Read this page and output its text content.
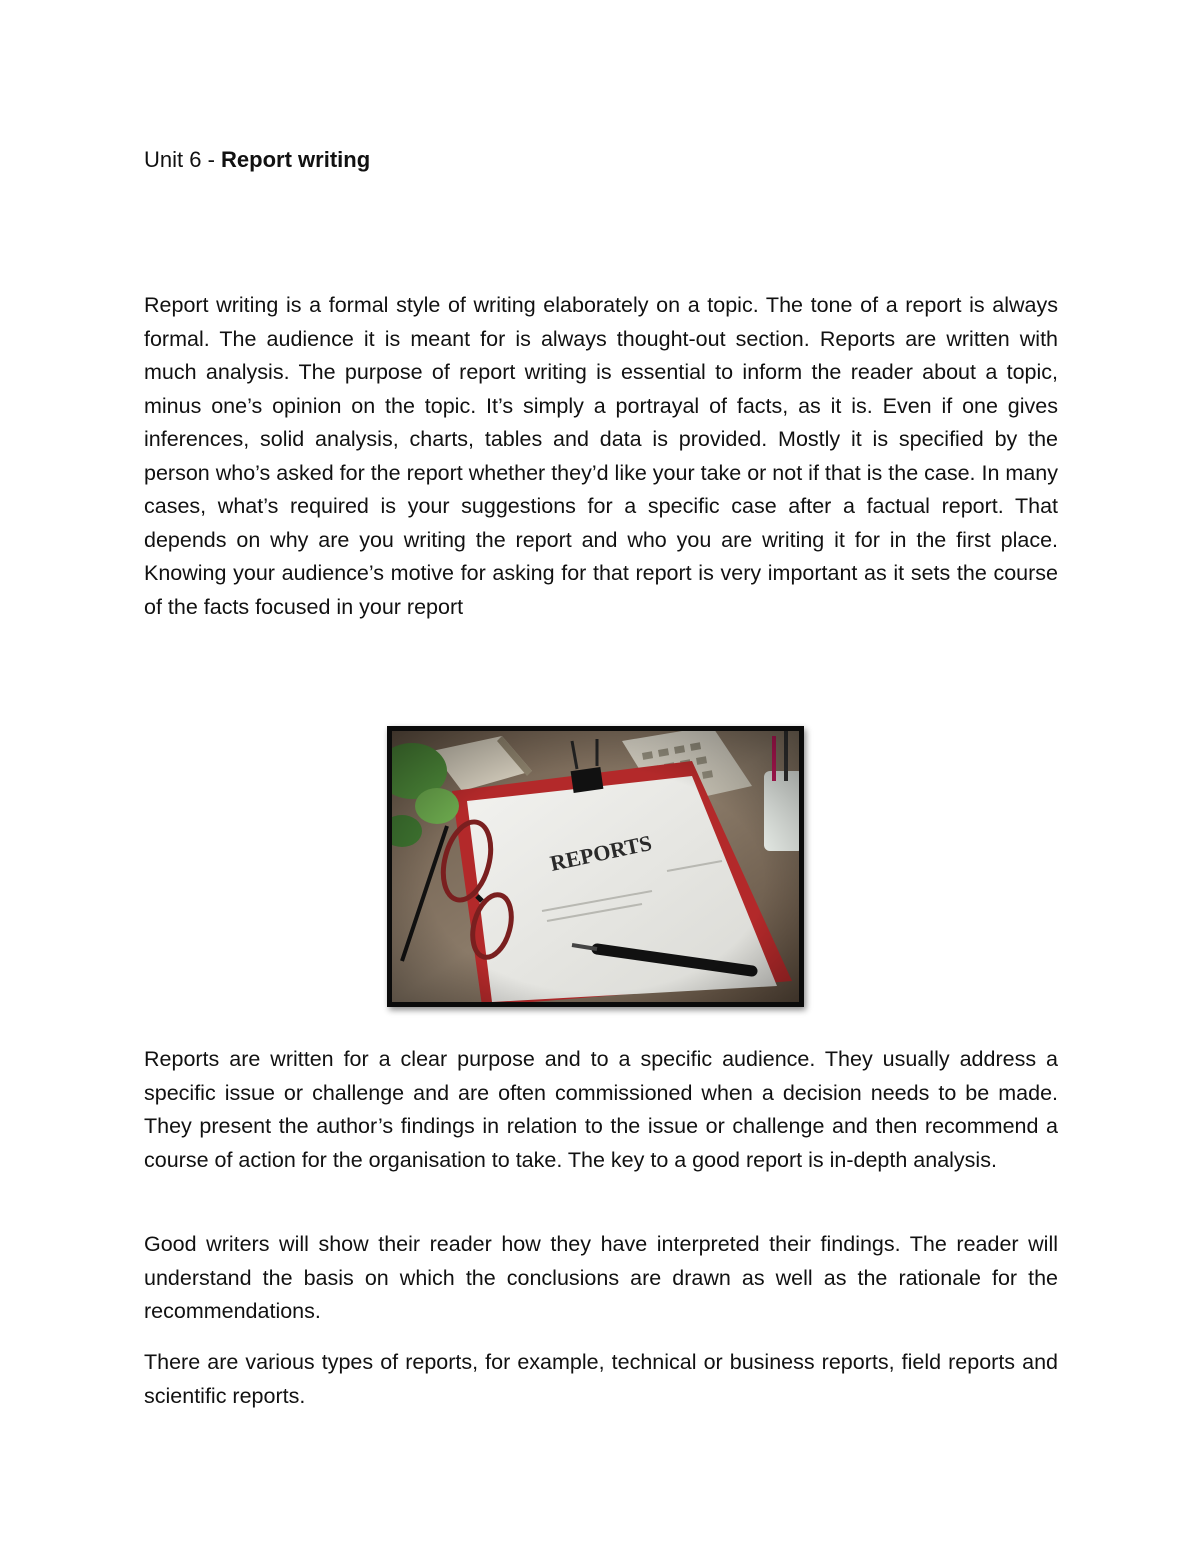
Unit 6 - Report writing

Report writing is a formal style of writing elaborately on a topic. The tone of a report is always formal. The audience it is meant for is always thought-out section. Reports are written with much analysis. The purpose of report writing is essential to inform the reader about a topic, minus one’s opinion on the topic. It’s simply a portrayal of facts, as it is. Even if one gives inferences, solid analysis, charts, tables and data is provided. Mostly it is specified by the person who’s asked for the report whether they’d like your take or not if that is the case. In many cases, what’s required is your suggestions for a specific case after a factual report. That depends on why are you writing the report and who you are writing it for in the first place. Knowing your audience’s motive for asking for that report is very important as it sets the course of the facts focused in your report

Reports are written for a clear purpose and to a specific audience. They usually address a specific issue or challenge and are often commissioned when a decision needs to be made. They present the author’s findings in relation to the issue or challenge and then recommend a course of action for the organisation to take. The key to a good report is in-depth analysis.

Good writers will show their reader how they have interpreted their findings. The reader will understand the basis on which the conclusions are drawn as well as the rationale for the recommendations.

There are various types of reports, for example, technical or business reports, field reports and scientific reports.
